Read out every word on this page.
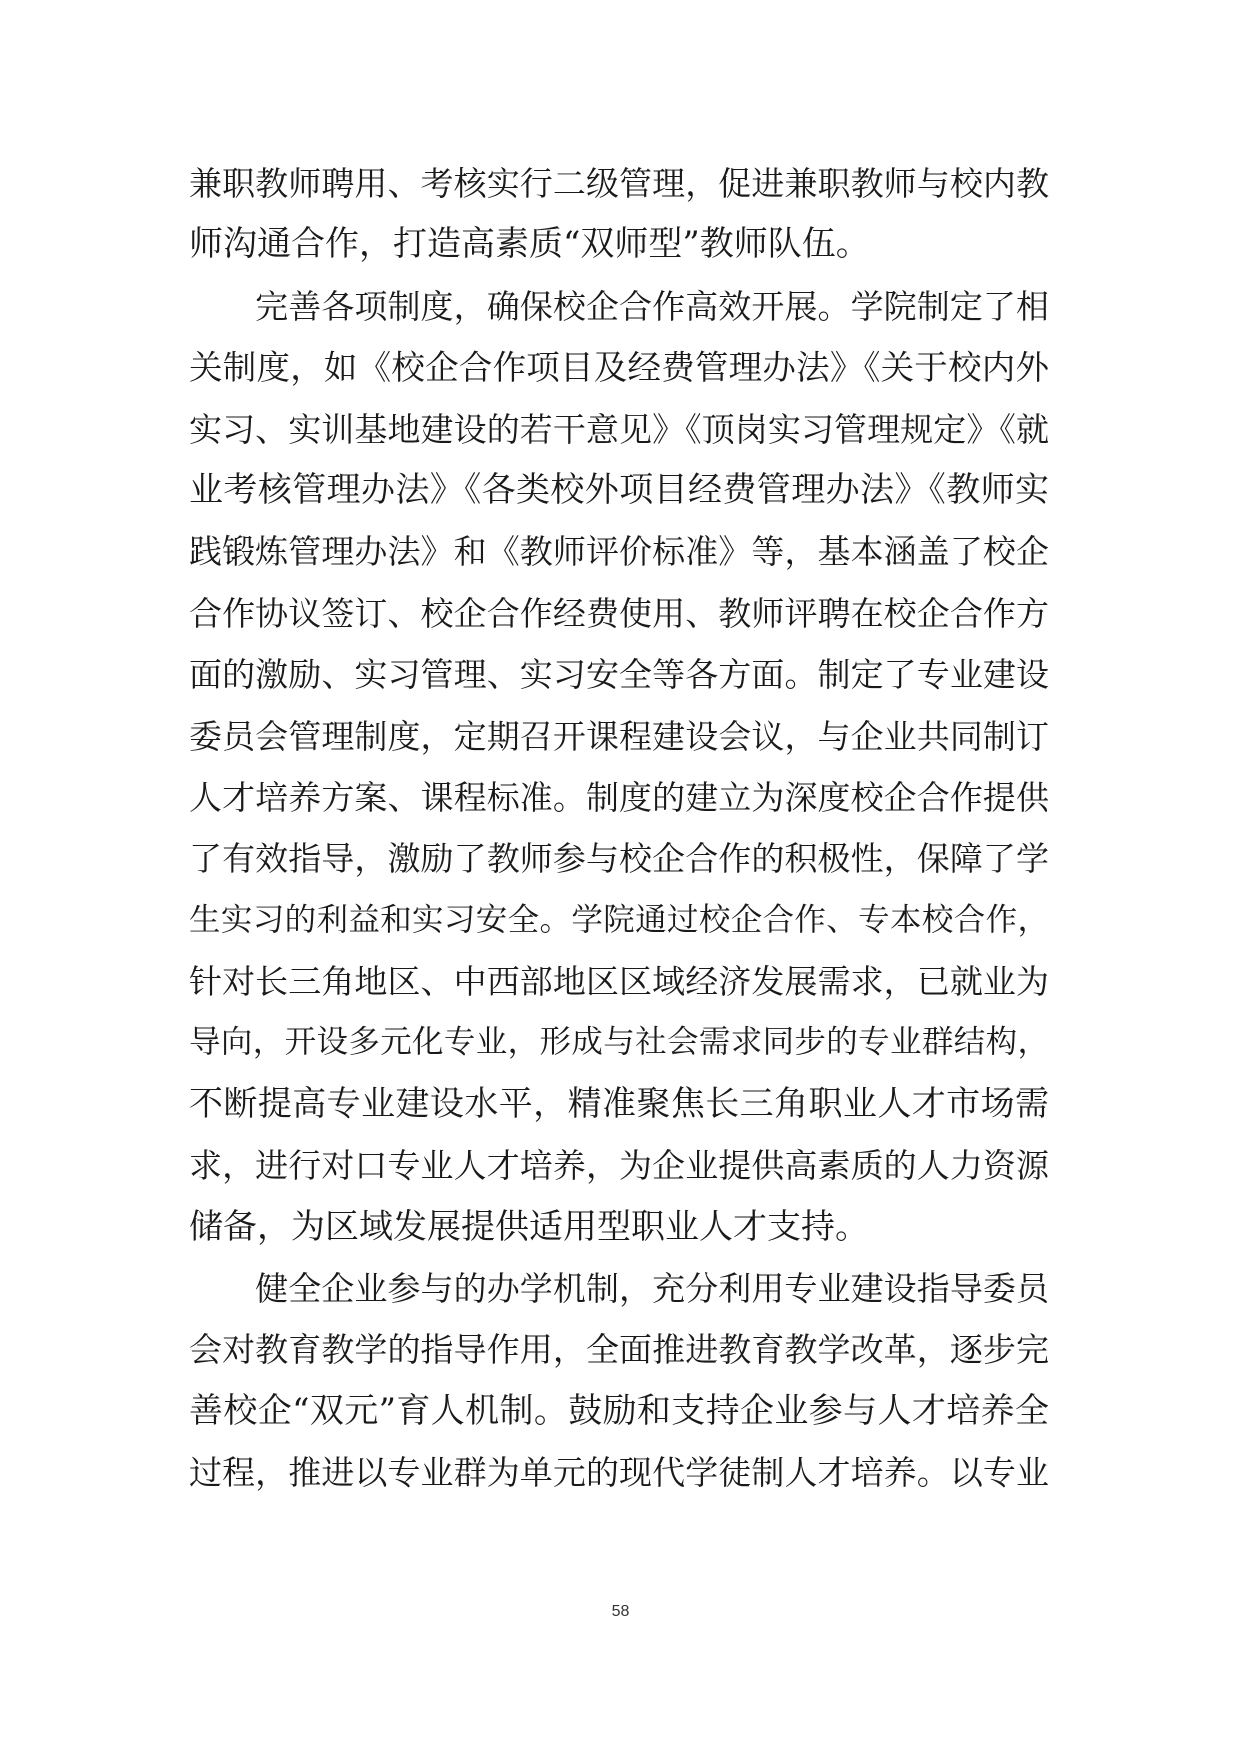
兼职教师聘用、考核实行二级管理，促进兼职教师与校内教
师沟通合作，打造高素质“双师型”教师队伍。
　　完善各项制度，确保校企合作高效开展。学院制定了相
关制度，如《校企合作项目及经费管理办法》《关于校内外
实习、实训基地建设的若干意见》《顶岗实习管理规定》《就
业考核管理办法》《各类校外项目经费管理办法》《教师实
践锻炼管理办法》和《教师评价标准》等，基本涵盖了校企
合作协议签订、校企合作经费使用、教师评聘在校企合作方
面的激励、实习管理、实习安全等各方面。制定了专业建设
委员会管理制度，定期召开课程建设会议，与企业共同制订
人才培养方案、课程标准。制度的建立为深度校企合作提供
了有效指导，激励了教师参与校企合作的积极性，保障了学
生实习的利益和实习安全。学院通过校企合作、专本校合作，
针对长三角地区、中西部地区区域经济发展需求，已就业为
导向，开设多元化专业，形成与社会需求同步的专业群结构，
不断提高专业建设水平，精准聚焦长三角职业人才市场需
求，进行对口专业人才培养，为企业提供高素质的人力资源
储备，为区域发展提供适用型职业人才支持。
　　健全企业参与的办学机制，充分利用专业建设指导委员
会对教育教学的指导作用，全面推进教育教学改革，逐步完
善校企“双元”育人机制。鼓励和支持企业参与人才培养全
过程，推进以专业群为单元的现代学徒制人才培养。以专业
58
